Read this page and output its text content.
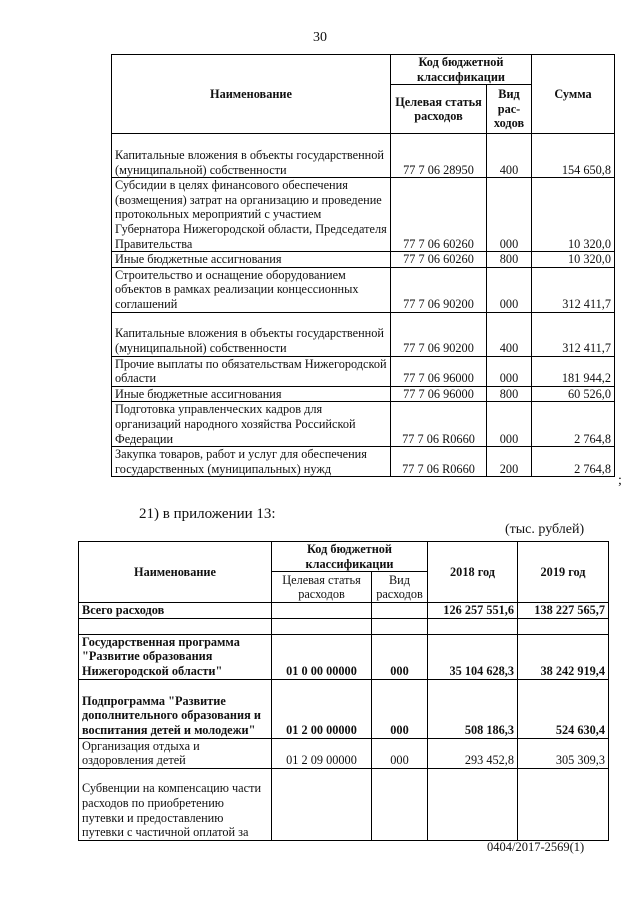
30
Наименование	Код бюджетной классификации		Сумма
	Целевая статья расходов	Вид рас-ходов	
Капитальные вложения в объекты государственной (муниципальной) собственности	77 7 06 28950	400	154 650,8
Субсидии в целях финансового обеспечения (возмещения) затрат на организацию и проведение протокольных мероприятий с участием Губернатора Нижегородской области, Председателя Правительства	77 7 06 60260	000	10 320,0
Иные бюджетные ассигнования	77 7 06 60260	800	10 320,0
Строительство и оснащение оборудованием объектов в рамках реализации концессионных соглашений	77 7 06 90200	000	312 411,7
Капитальные вложения в объекты государственной (муниципальной) собственности	77 7 06 90200	400	312 411,7
Прочие выплаты по обязательствам Нижегородской области	77 7 06 96000	000	181 944,2
Иные бюджетные ассигнования	77 7 06 96000	800	60 526,0
Подготовка управленческих кадров для организаций народного хозяйства Российской Федерации	77 7 06 R0660	000	2 764,8
Закупка товаров, работ и услуг для обеспечения государственных (муниципальных) нужд	77 7 06 R0660	200	2 764,8
;
21) в приложении 13:
(тыс. рублей)
Наименование	Код бюджетной классификации		2018 год	2019 год
	Целевая статья расходов	Вид расходов		
Всего расходов			126 257 551,6	138 227 565,7

Государственная программа "Развитие образования Нижегородской области"	01 0 00 00000	000	35 104 628,3	38 242 919,4
Подпрограмма "Развитие дополнительного образования и воспитания детей и молодежи"	01 2 00 00000	000	508 186,3	524 630,4
Организация отдыха и оздоровления детей	01 2 09 00000	000	293 452,8	305 309,3
Субвенции на компенсацию части расходов по приобретению путевки и предоставлению путевки с частичной оплатой за				
0404/2017-2569(1)
